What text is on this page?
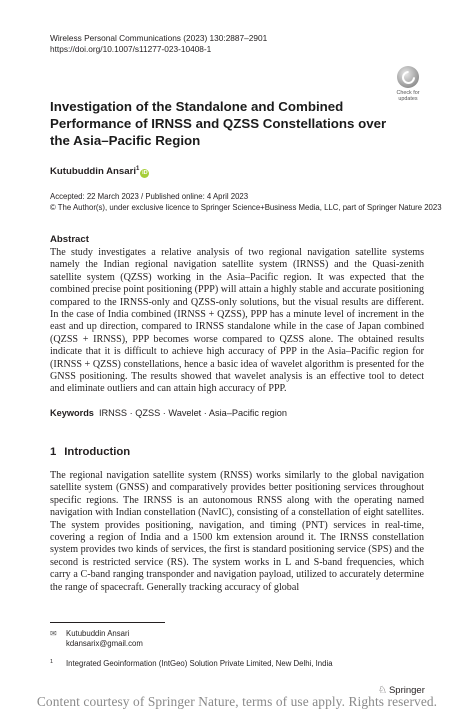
Wireless Personal Communications (2023) 130:2887–2901
https://doi.org/10.1007/s11277-023-10408-1
Check for
updates
Investigation of the Standalone and Combined Performance of IRNSS and QZSS Constellations over the Asia–Pacific Region
Kutubuddin Ansari$^1$iD
Accepted: 22 March 2023 / Published online: 4 April 2023
© The Author(s), under exclusive licence to Springer Science+Business Media, LLC, part of Springer Nature 2023
Abstract
The study investigates a relative analysis of two regional navigation satellite systems namely the Indian regional navigation satellite system (IRNSS) and the Quasi-zenith satellite system (QZSS) working in the Asia–Pacific region. It was expected that the combined precise point positioning (PPP) will attain a highly stable and accurate positioning compared to the IRNSS-only and QZSS-only solutions, but the visual results are different. In the case of India combined (IRNSS + QZSS), PPP has a minute level of increment in the east and up direction, compared to IRNSS standalone while in the case of Japan combined (QZSS + IRNSS), PPP becomes worse compared to QZSS alone. The obtained results indicate that it is difficult to achieve high accuracy of PPP in the Asia–Pacific region for (IRNSS + QZSS) constellations, hence a basic idea of wavelet algorithm is presented for the GNSS positioning. The results showed that wavelet analysis is an effective tool to detect and eliminate outliers and can attain high accuracy of PPP.
Keywords IRNSS · QZSS · Wavelet · Asia–Pacific region
1 Introduction
The regional navigation satellite system (RNSS) works similarly to the global navigation satellite system (GNSS) and comparatively provides better positioning services throughout specific regions. The IRNSS is an autonomous RNSS along with the operating named navigation with Indian constellation (NavIC), consisting of a constellation of eight satellites. The system provides positioning, navigation, and timing (PNT) services in real-time, covering a region of India and a 1500 km extension around it. The IRNSS constellation system provides two kinds of services, the first is standard positioning service (SPS) and the second is restricted service (RS). The system works in L and S-band frequencies, which carry a C-band ranging transponder and navigation payload, utilized to accurately determine the range of spacecraft. Generally tracking accuracy of global
✉ Kutubuddin Ansari
kdansarix@gmail.com
1 Integrated Geoinformation (IntGeo) Solution Private Limited, New Delhi, India
♘ Springer
Content courtesy of Springer Nature, terms of use apply. Rights reserved.
